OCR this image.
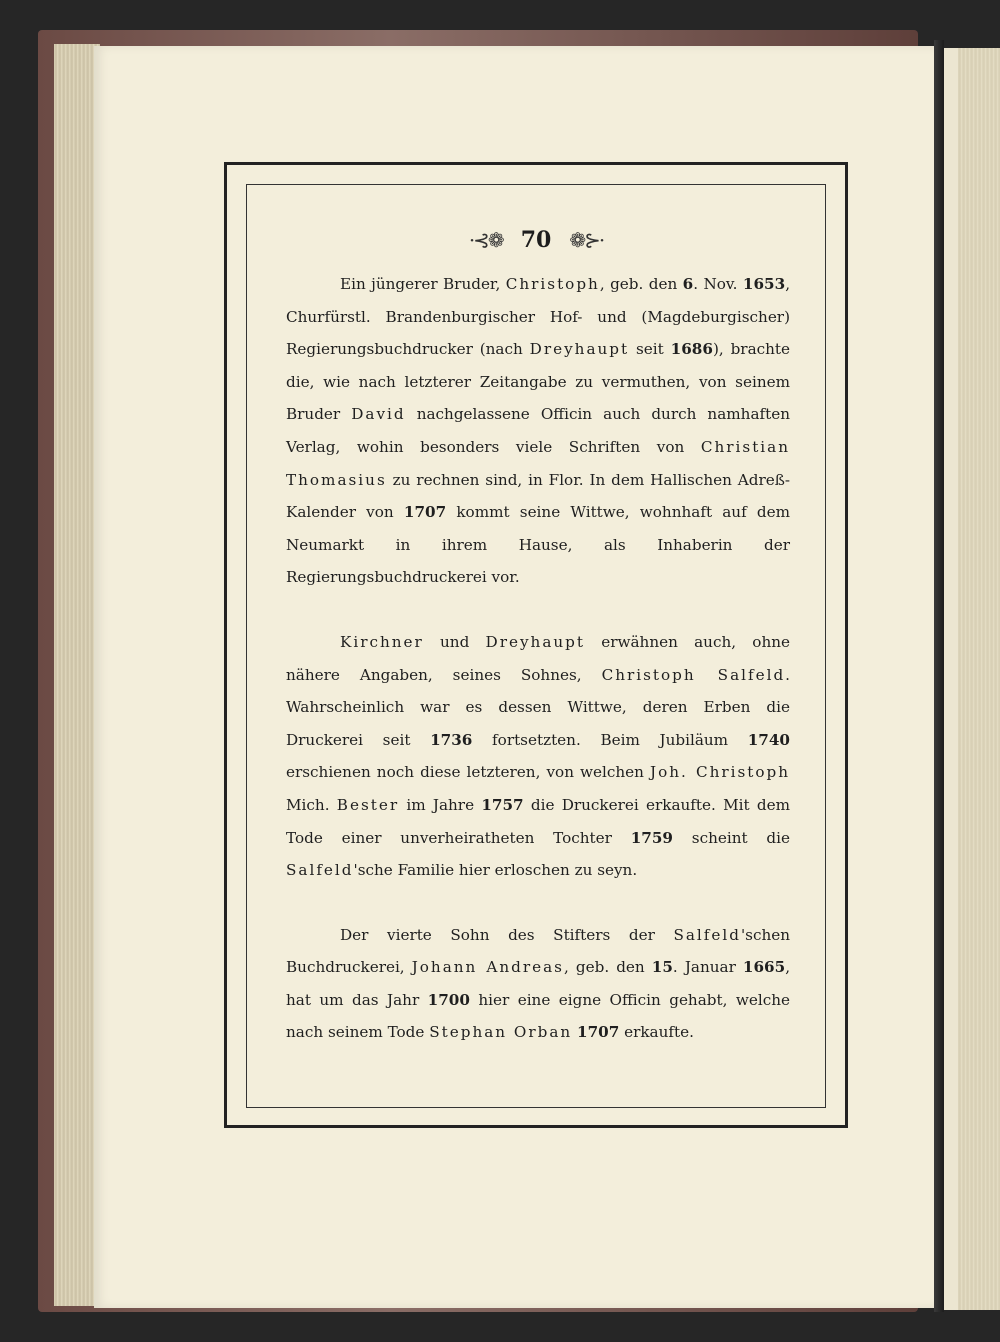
·⊰❁ 70 ❁⊱·

Ein jüngerer Bruder, Christoph, geb. den 6. Nov. 1653, Churfürstl. Brandenburgischer Hof- und (Magdeburgischer) Regierungsbuchdrucker (nach Dreyhaupt seit 1686), brachte die, wie nach letzterer Zeitangabe zu vermuthen, von seinem Bruder David nachgelassene Officin auch durch namhaften Verlag, wohin besonders viele Schriften von Christian Thomasius zu rechnen sind, in Flor. In dem Hallischen Adreß-Kalender von 1707 kommt seine Wittwe, wohnhaft auf dem Neumarkt in ihrem Hause, als Inhaberin der Regierungsbuchdruckerei vor.

Kirchner und Dreyhaupt erwähnen auch, ohne nähere Angaben, seines Sohnes, Christoph Salfeld. Wahrscheinlich war es dessen Wittwe, deren Erben die Druckerei seit 1736 fortsetzten. Beim Jubiläum 1740 erschienen noch diese letzteren, von welchen Joh. Christoph Mich. Bester im Jahre 1757 die Druckerei erkaufte. Mit dem Tode einer unverheiratheten Tochter 1759 scheint die Salfeld'sche Familie hier erloschen zu seyn.

Der vierte Sohn des Stifters der Salfeld'schen Buchdruckerei, Johann Andreas, geb. den 15. Januar 1665, hat um das Jahr 1700 hier eine eigne Officin gehabt, welche nach seinem Tode Stephan Orban 1707 erkaufte.
